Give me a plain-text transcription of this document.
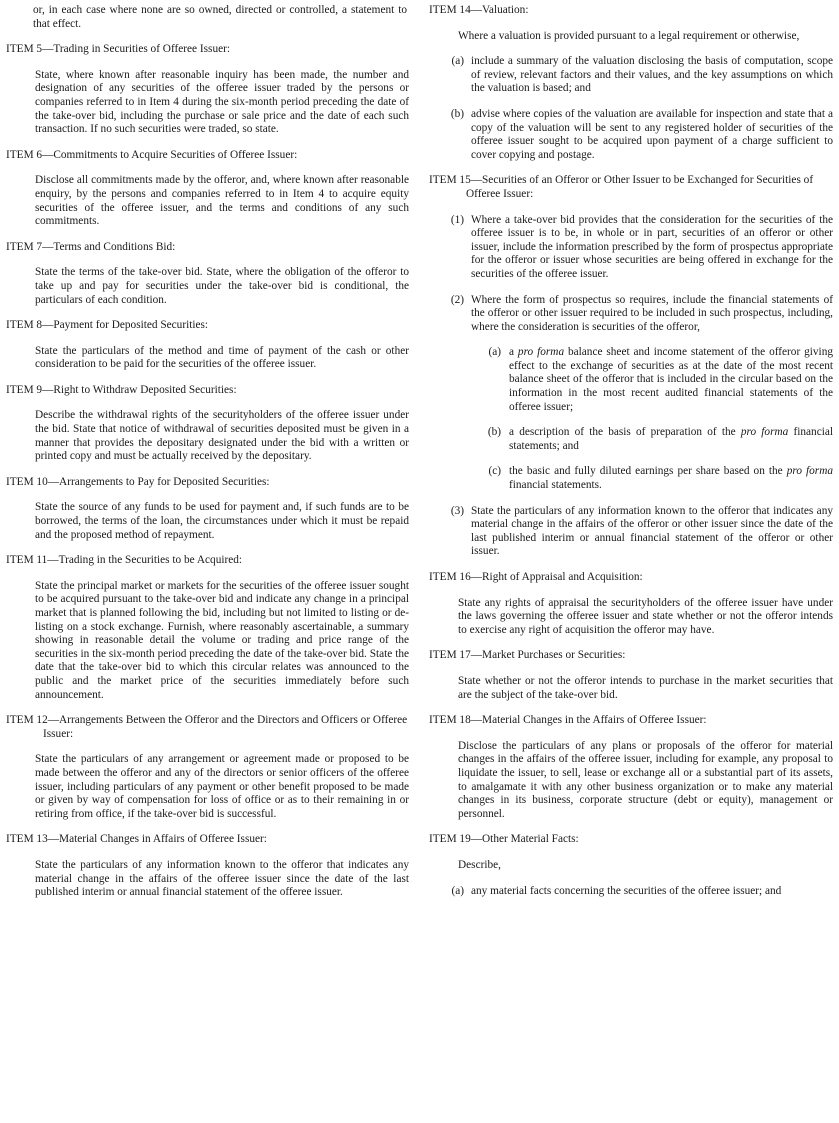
or, in each case where none are so owned, directed or controlled, a statement to that effect.

ITEM 5—Trading in Securities of Offeree Issuer:

State, where known after reasonable inquiry has been made, the number and designation of any securities of the offeree issuer traded by the persons or companies referred to in Item 4 during the six-month period preceding the date of the take-over bid, including the purchase or sale price and the date of each such transaction. If no such securities were traded, so state.

ITEM 6—Commitments to Acquire Securities of Offeree Issuer:

Disclose all commitments made by the offeror, and, where known after reasonable enquiry, by the persons and companies referred to in Item 4 to acquire equity securities of the offeree issuer, and the terms and conditions of any such commitments.

ITEM 7—Terms and Conditions Bid:

State the terms of the take-over bid. State, where the obligation of the offeror to take up and pay for securities under the take-over bid is conditional, the particulars of each condition.

ITEM 8—Payment for Deposited Securities:

State the particulars of the method and time of payment of the cash or other consideration to be paid for the securities of the offeree issuer.

ITEM 9—Right to Withdraw Deposited Securities:

Describe the withdrawal rights of the securityholders of the offeree issuer under the bid. State that notice of withdrawal of securities deposited must be given in a manner that provides the depositary designated under the bid with a written or printed copy and must be actually received by the depositary.

ITEM 10—Arrangements to Pay for Deposited Securities:

State the source of any funds to be used for payment and, if such funds are to be borrowed, the terms of the loan, the circumstances under which it must be repaid and the proposed method of repayment.

ITEM 11—Trading in the Securities to be Acquired:

State the principal market or markets for the securities of the offeree issuer sought to be acquired pursuant to the take-over bid and indicate any change in a principal market that is planned following the bid, including but not limited to listing or de-listing on a stock exchange. Furnish, where reasonably ascertainable, a summary showing in reasonable detail the volume or trading and price range of the securities in the six-month period preceding the date of the take-over bid. State the date that the take-over bid to which this circular relates was announced to the public and the market price of the securities immediately before such announcement.

ITEM 12—Arrangements Between the Offeror and the Directors and Officers or Offeree Issuer:

State the particulars of any arrangement or agreement made or proposed to be made between the offeror and any of the directors or senior officers of the offeree issuer, including particulars of any payment or other benefit proposed to be made or given by way of compensation for loss of office or as to their remaining in or retiring from office, if the take-over bid is successful.

ITEM 13—Material Changes in Affairs of Offeree Issuer:

State the particulars of any information known to the offeror that indicates any material change in the affairs of the offeree issuer since the date of the last published interim or annual financial statement of the offeree issuer.

ITEM 14—Valuation:

Where a valuation is provided pursuant to a legal requirement or otherwise,

(a) include a summary of the valuation disclosing the basis of computation, scope of review, relevant factors and their values, and the key assumptions on which the valuation is based; and
(b) advise where copies of the valuation are available for inspection and state that a copy of the valuation will be sent to any registered holder of securities of the offeree issuer sought to be acquired upon payment of a charge sufficient to cover copying and postage.

ITEM 15—Securities of an Offeror or Other Issuer to be Exchanged for Securities of Offeree Issuer:

(1) Where a take-over bid provides that the consideration for the securities of the offeree issuer is to be, in whole or in part, securities of an offeror or other issuer, include the information prescribed by the form of prospectus appropriate for the offeror or issuer whose securities are being offered in exchange for the securities of the offeree issuer.
(2) Where the form of prospectus so requires, include the financial statements of the offeror or other issuer required to be included in such prospectus, including, where the consideration is securities of the offeror,
(a) a pro forma balance sheet and income statement of the offeror giving effect to the exchange of securities as at the date of the most recent balance sheet of the offeror that is included in the circular based on the information in the most recent audited financial statements of the offeree issuer;
(b) a description of the basis of preparation of the pro forma financial statements; and
(c) the basic and fully diluted earnings per share based on the pro forma financial statements.
(3) State the particulars of any information known to the offeror that indicates any material change in the affairs of the offeror or other issuer since the date of the last published interim or annual financial statement of the offeror or other issuer.

ITEM 16—Right of Appraisal and Acquisition:

State any rights of appraisal the securityholders of the offeree issuer have under the laws governing the offeree issuer and state whether or not the offeror intends to exercise any right of acquisition the offeror may have.

ITEM 17—Market Purchases or Securities:

State whether or not the offeror intends to purchase in the market securities that are the subject of the take-over bid.

ITEM 18—Material Changes in the Affairs of Offeree Issuer:

Disclose the particulars of any plans or proposals of the offeror for material changes in the affairs of the offeree issuer, including for example, any proposal to liquidate the issuer, to sell, lease or exchange all or a substantial part of its assets, to amalgamate it with any other business organization or to make any material changes in its business, corporate structure (debt or equity), management or personnel.

ITEM 19—Other Material Facts:

Describe,

(a) any material facts concerning the securities of the offeree issuer; and
